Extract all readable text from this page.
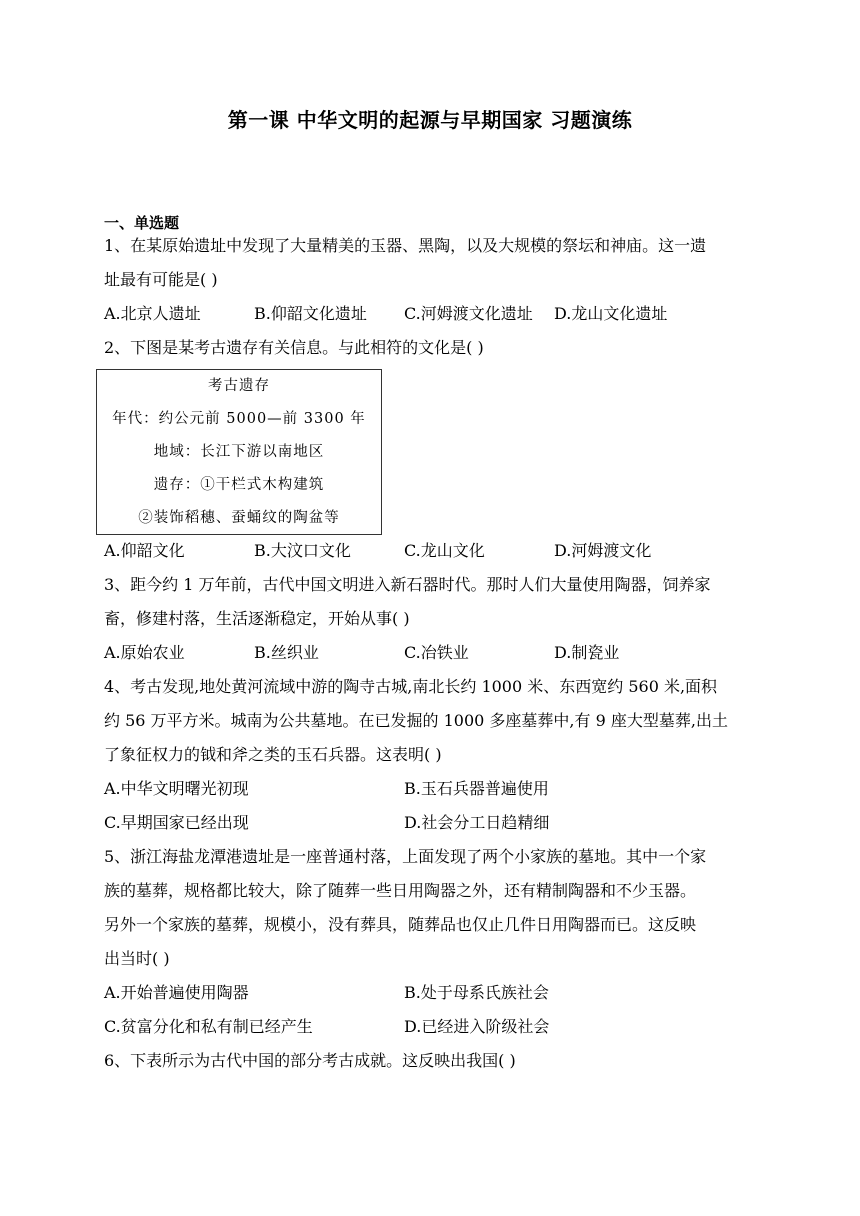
第一课 中华文明的起源与早期国家 习题演练
一、单选题
1、在某原始遗址中发现了大量精美的玉器、黑陶，以及大规模的祭坛和神庙。这一遗
址最有可能是( )
A.北京人遗址	B.仰韶文化遗址 C.河姆渡文化遗址 D.龙山文化遗址
2、下图是某考古遗存有关信息。与此相符的文化是( )
考古遗存
年代：约公元前 5000—前 3300 年
地域：长江下游以南地区
遗存：①干栏式木构建筑
②装饰稻穗、蚕蛹纹的陶盆等
A.仰韶文化	B.大汶口文化	C.龙山文化	D.河姆渡文化
3、距今约 1 万年前，古代中国文明进入新石器时代。那时人们大量使用陶器，饲养家
畜，修建村落，生活逐渐稳定，开始从事( )
A.原始农业	B.丝织业	C.冶铁业	D.制瓷业
4、考古发现,地处黄河流域中游的陶寺古城,南北长约 1000 米、东西宽约 560 米,面积
约 56 万平方米。城南为公共墓地。在已发掘的 1000 多座墓葬中,有 9 座大型墓葬,出土
了象征权力的钺和斧之类的玉石兵器。这表明( )
A.中华文明曙光初现	B.玉石兵器普遍使用
C.早期国家已经出现	D.社会分工日趋精细
5、浙江海盐龙潭港遗址是一座普通村落，上面发现了两个小家族的墓地。其中一个家
族的墓葬，规格都比较大，除了随葬一些日用陶器之外，还有精制陶器和不少玉器。
另外一个家族的墓葬，规模小，没有葬具，随葬品也仅止几件日用陶器而已。这反映
出当时( )
A.开始普遍使用陶器	B.处于母系氏族社会
C.贫富分化和私有制已经产生	D.已经进入阶级社会
6、下表所示为古代中国的部分考古成就。这反映出我国( )
